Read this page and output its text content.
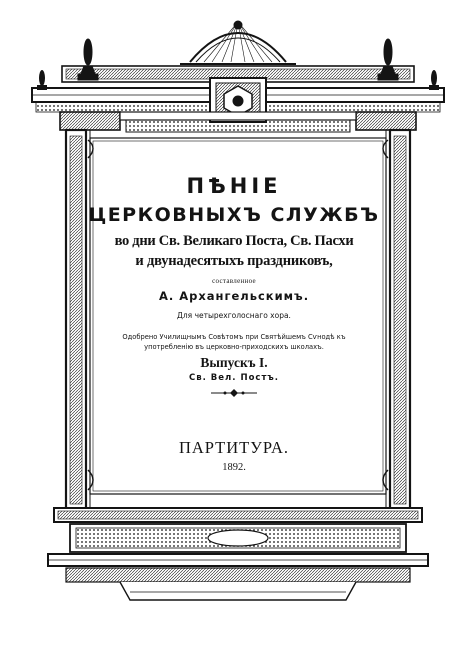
ПѢНІЕ

ЦЕРКОВНЫХЪ СЛУЖБЪ

во дни Св. Великаго Поста, Св. Пасхи

и двунадесятыхъ праздниковъ,

составленное

А. Архангельскимъ.

Для четырехголоснаго хора.

Одобрено Училищнымъ Совѣтомъ при Святѣйшемъ Сѵнодѣ къ

употребленію въ церковно-приходскихъ школахъ.

Выпускъ I.

Св. Вел. Постъ.

ПАРТИТУРА.

1892.
